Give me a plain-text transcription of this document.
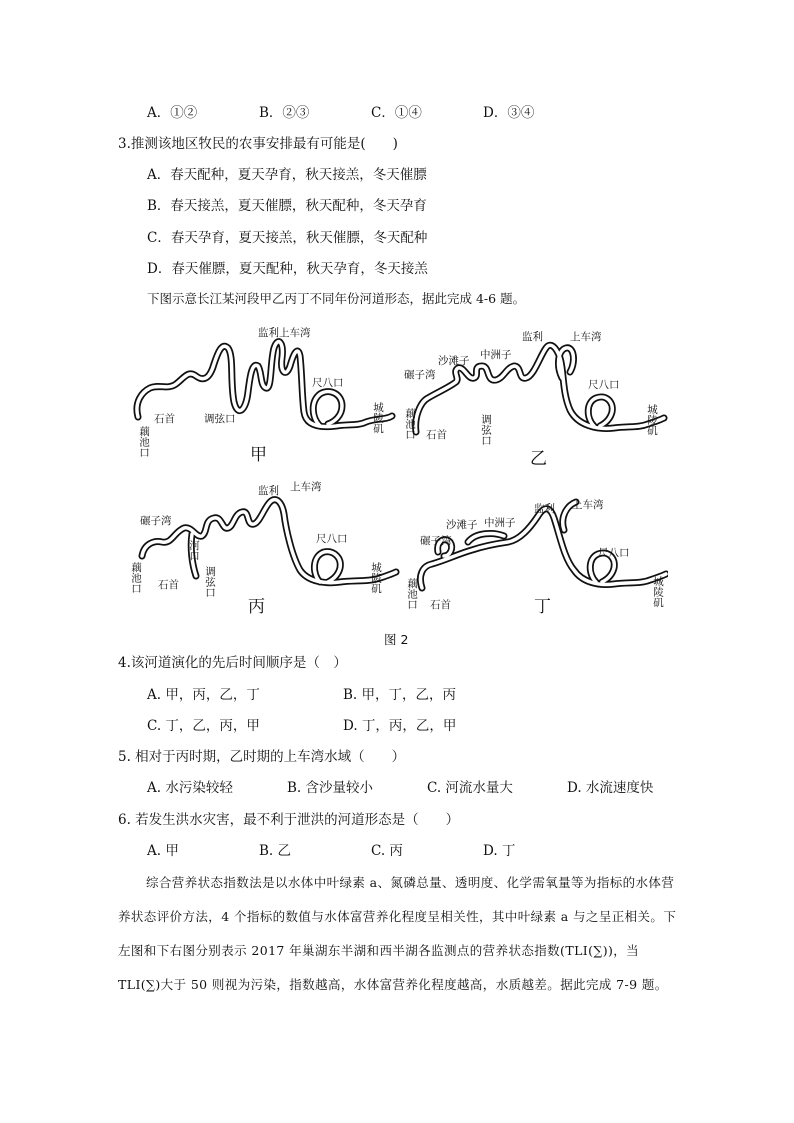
A．①②	B．②③	C．①④	D．③④
3.推测该地区牧民的农事安排最有可能是(　　)
A．春天配种，夏天孕育，秋天接羔，冬天催膘
B．春天接羔，夏天催膘，秋天配种，冬天孕育
C．春天孕育，夏天接羔，秋天催膘，冬天配种
D．春天催膘，夏天配种，秋天孕育，冬天接羔
下图示意长江某河段甲乙丙丁不同年份河道形态，据此完成 4-6 题。
监利上车湾
尺八口
石首	调弦口
藕池口
城陵矶
甲
监利	上车湾
沙滩子 中洲子
碾子湾
尺八口
石首	调弦口
藕池口	城陵矶
乙
监利 上车湾
碾子湾
河口
尺八口
石首 调弦口
藕池口	城陵矶
丙
监利 上车湾
沙滩子 中洲子
碾子湾
尺八口
石首
藕池口	城陵矶
丁
图 2
4.该河道演化的先后时间顺序是（　）
A. 甲，丙，乙，丁	B. 甲，丁，乙，丙
C. 丁，乙，丙，甲	D. 丁，丙，乙，甲
5. 相对于丙时期，乙时期的上车湾水域（　　）
A. 水污染较轻	B. 含沙量较小	C. 河流水量大	D. 水流速度快
6. 若发生洪水灾害，最不利于泄洪的河道形态是（　　）
A. 甲	B. 乙	C. 丙	D. 丁
综合营养状态指数法是以水体中叶绿素 a、氮磷总量、透明度、化学需氧量等为指标的水体营养状态评价方法，4 个指标的数值与水体富营养化程度呈相关性，其中叶绿素 a 与之呈正相关。下左图和下右图分别表示 2017 年巢湖东半湖和西半湖各监测点的营养状态指数(TLI(∑))，当 TLI(∑)大于 50 则视为污染，指数越高，水体富营养化程度越高，水质越差。据此完成 7-9 题。
